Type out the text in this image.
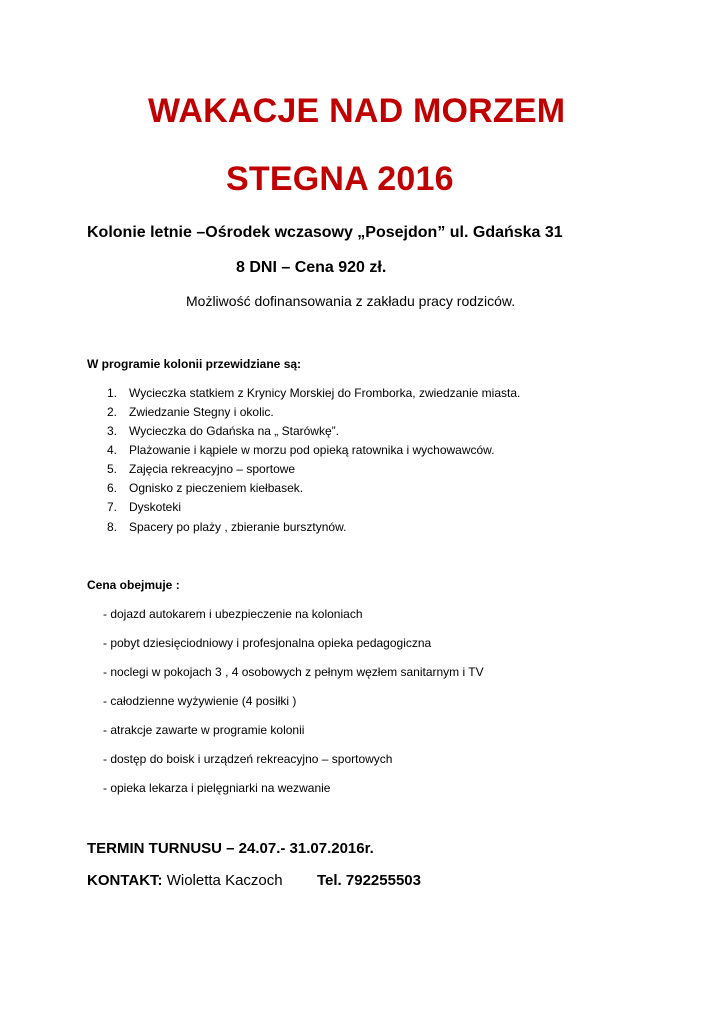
WAKACJE NAD MORZEM
STEGNA 2016
Kolonie letnie –Ośrodek wczasowy „Posejdon” ul. Gdańska 31
8 DNI – Cena 920 zł.
Możliwość dofinansowania z zakładu pracy rodziców.
W programie kolonii przewidziane są:
1. Wycieczka statkiem z Krynicy Morskiej do Fromborka, zwiedzanie miasta.
2. Zwiedzanie Stegny i okolic.
3. Wycieczka do Gdańska na „ Starówkę”.
4. Plażowanie i kąpiele w morzu pod opieką ratownika i wychowawców.
5. Zajęcia rekreacyjno – sportowe
6. Ognisko z pieczeniem kiełbasek.
7. Dyskoteki
8. Spacery po plaży , zbieranie bursztynów.
Cena obejmuje :
- dojazd autokarem i ubezpieczenie na koloniach
- pobyt dziesięciodniowy i profesjonalna opieka pedagogiczna
- noclegi w pokojach 3 , 4 osobowych z pełnym węzłem sanitarnym i TV
- całodzienne wyżywienie (4 posiłki )
- atrakcje zawarte w programie kolonii
- dostęp do boisk i urządzeń rekreacyjno – sportowych
- opieka lekarza i pielęgniarki na wezwanie
TERMIN TURNUSU – 24.07.- 31.07.2016r.
KONTAKT: Wioletta Kaczoch Tel. 792255503
